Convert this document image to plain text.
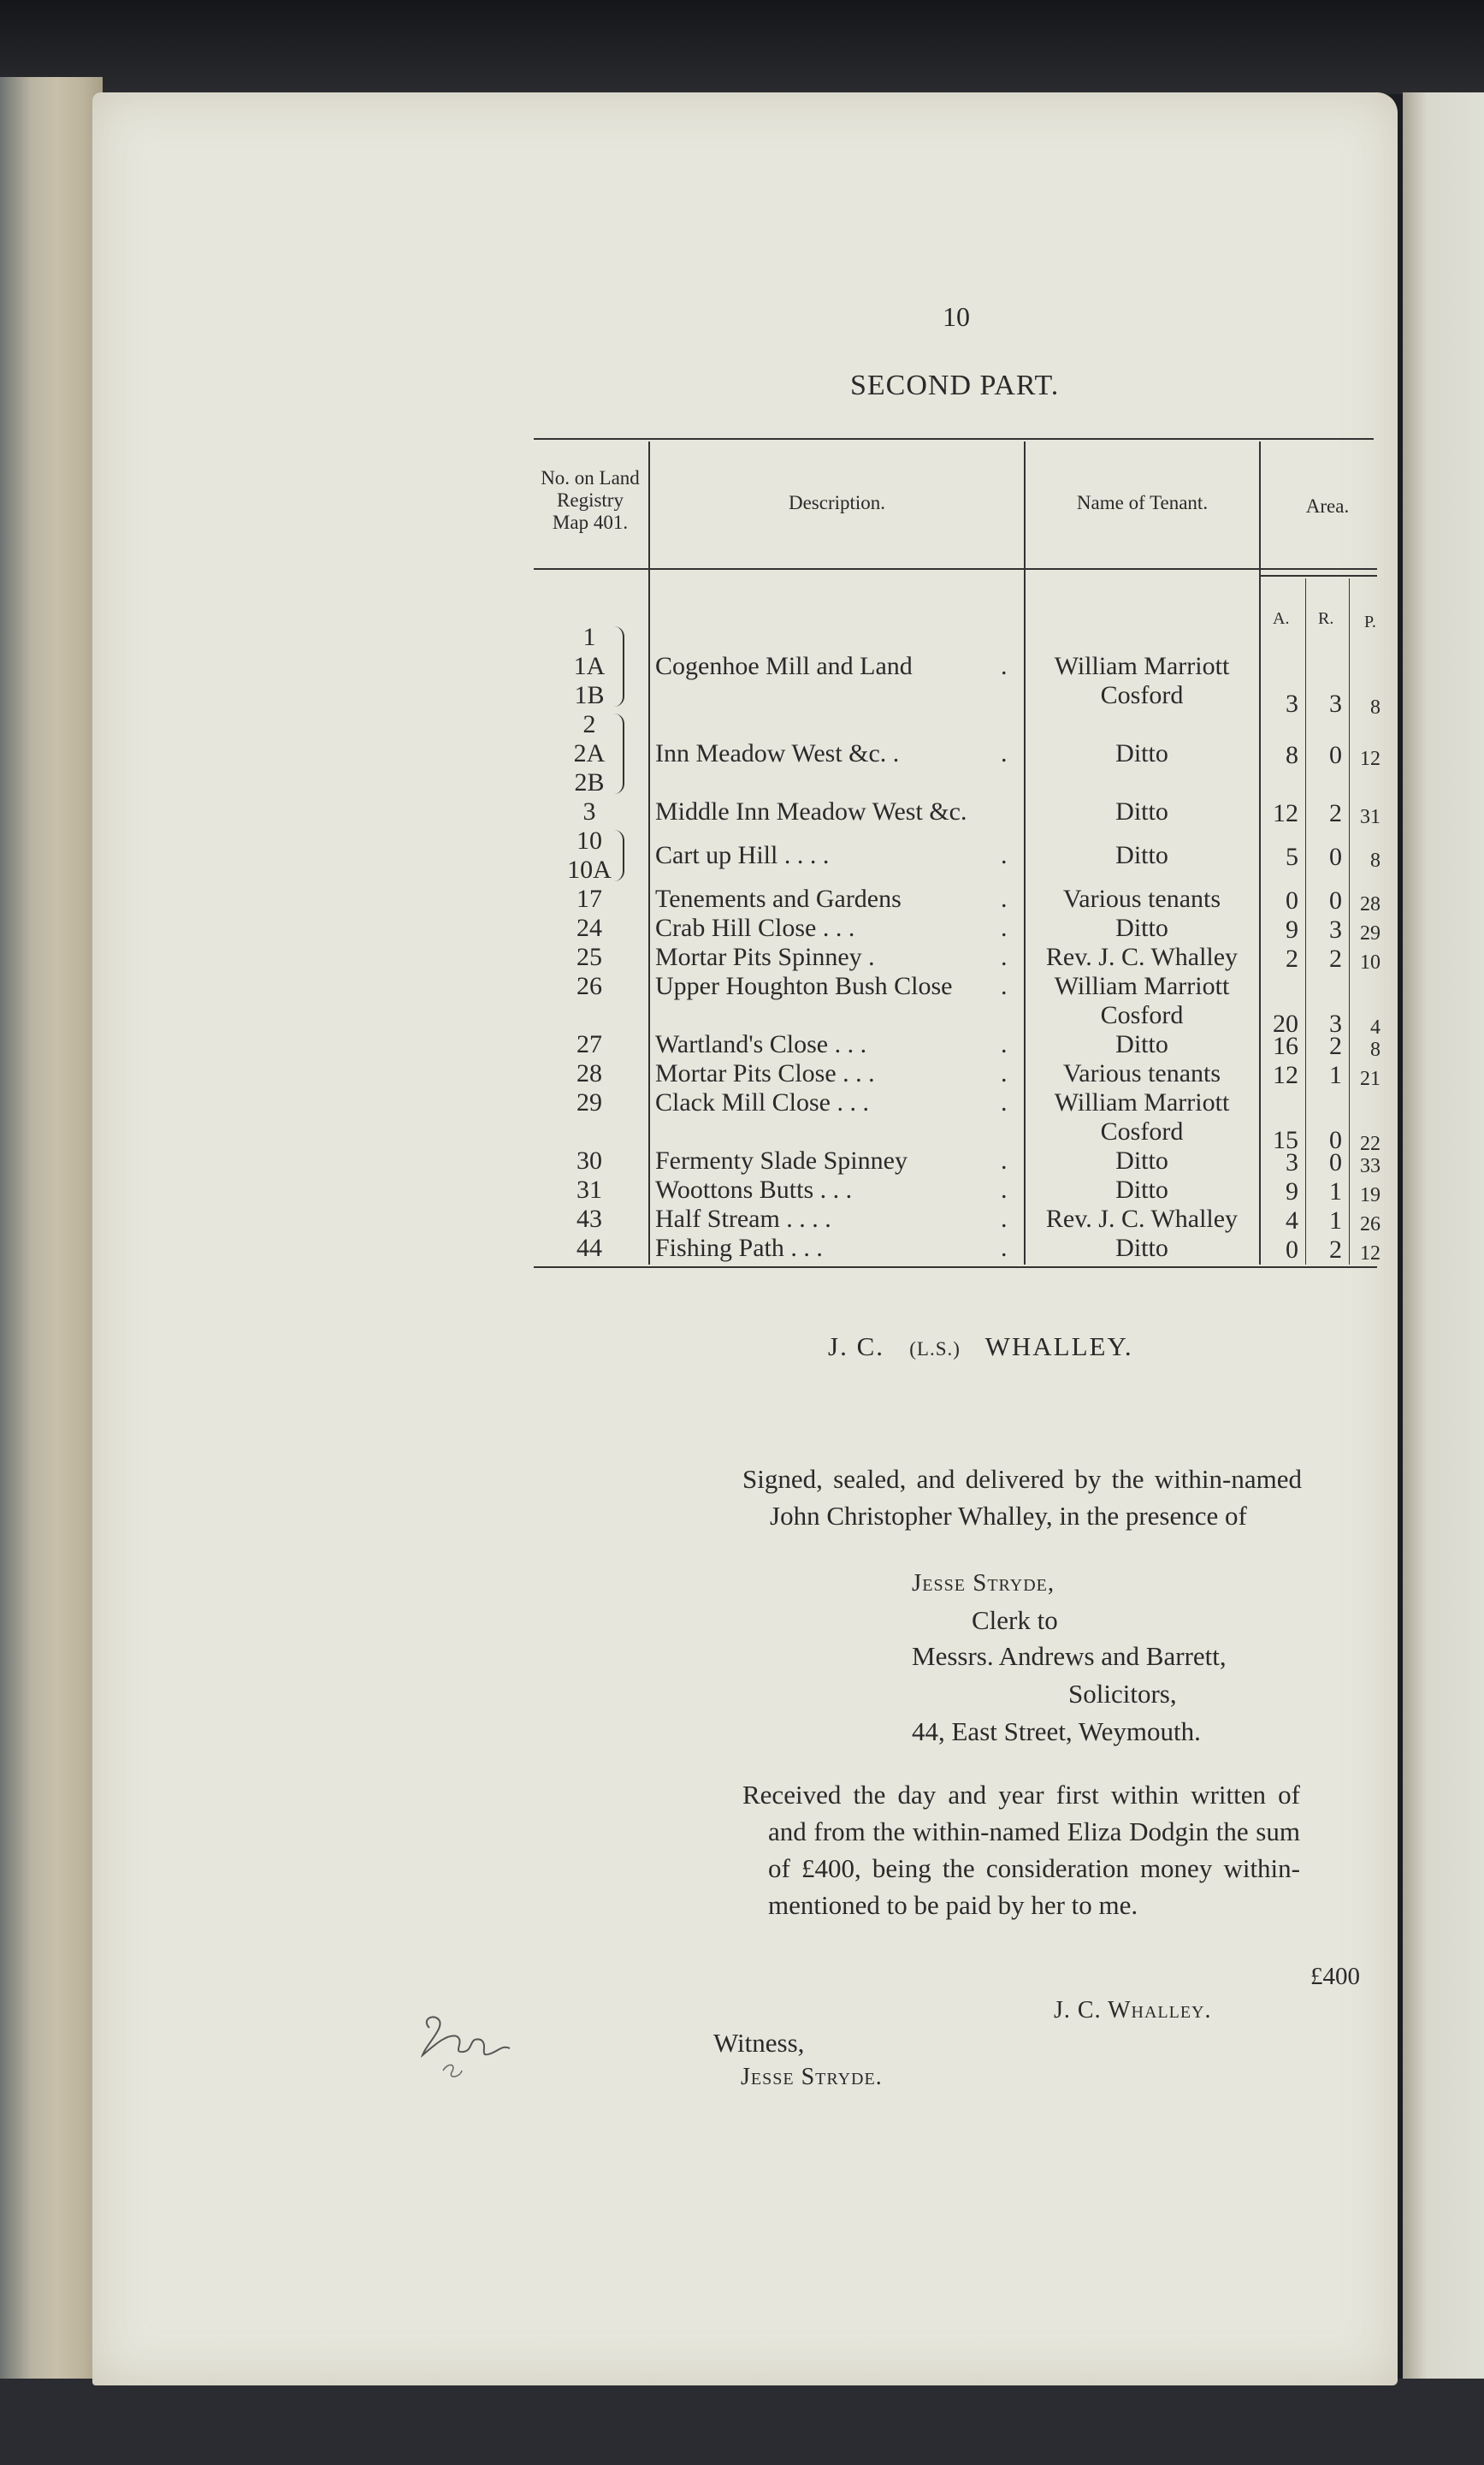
10
SECOND PART.
No. on Land
Registry
Map 401.
Description.	Name of Tenant.	Area.
A. R. P.
1
1A
1B
Cogenhoe Mill and Land	.	William Marriott
Cosford	3	3	8
2
2A
2B
Inn Meadow West &c. .	.	Ditto	8	0 12
3	Middle Inn Meadow West &c.	Ditto	12	2 31
10
10A
Cart up Hill . . . .	.	Ditto	5	0	8
17	Tenements and Gardens	.	Various tenants	0	0 28
24	Crab Hill Close . . .	.	Ditto	9	3 29
25	Mortar Pits Spinney .	.	Rev. J. C. Whalley	2	2 10
26	Upper Houghton Bush Close .	William Marriott
Cosford	20	3	4
27	Wartland's Close . . .	.	Ditto	16	2	8
28	Mortar Pits Close . . .	.	Various tenants	12	1 21
29	Clack Mill Close . . .	.	William Marriott
Cosford	15	0 22
30	Fermenty Slade Spinney	.	Ditto	3	0 33
31	Woottons Butts . . .	.	Ditto	9	1 19
43	Half Stream . . . .	.	Rev. J. C. Whalley	4	1 26
44	Fishing Path . . .	.	Ditto	0	2 12
J. C. (L.S.) WHALLEY.
Signed, sealed, and delivered by the within-named John Christopher Whalley, in the presence of
Jesse Stryde,
Clerk to
Messrs. Andrews and Barrett,
Solicitors,
44, East Street, Weymouth.
Received the day and year first within written of and from the within-named Eliza Dodgin the sum of £400, being the consideration money within-mentioned to be paid by her to me.
£400
J. C. Whalley.
Witness,
Jesse Stryde.
